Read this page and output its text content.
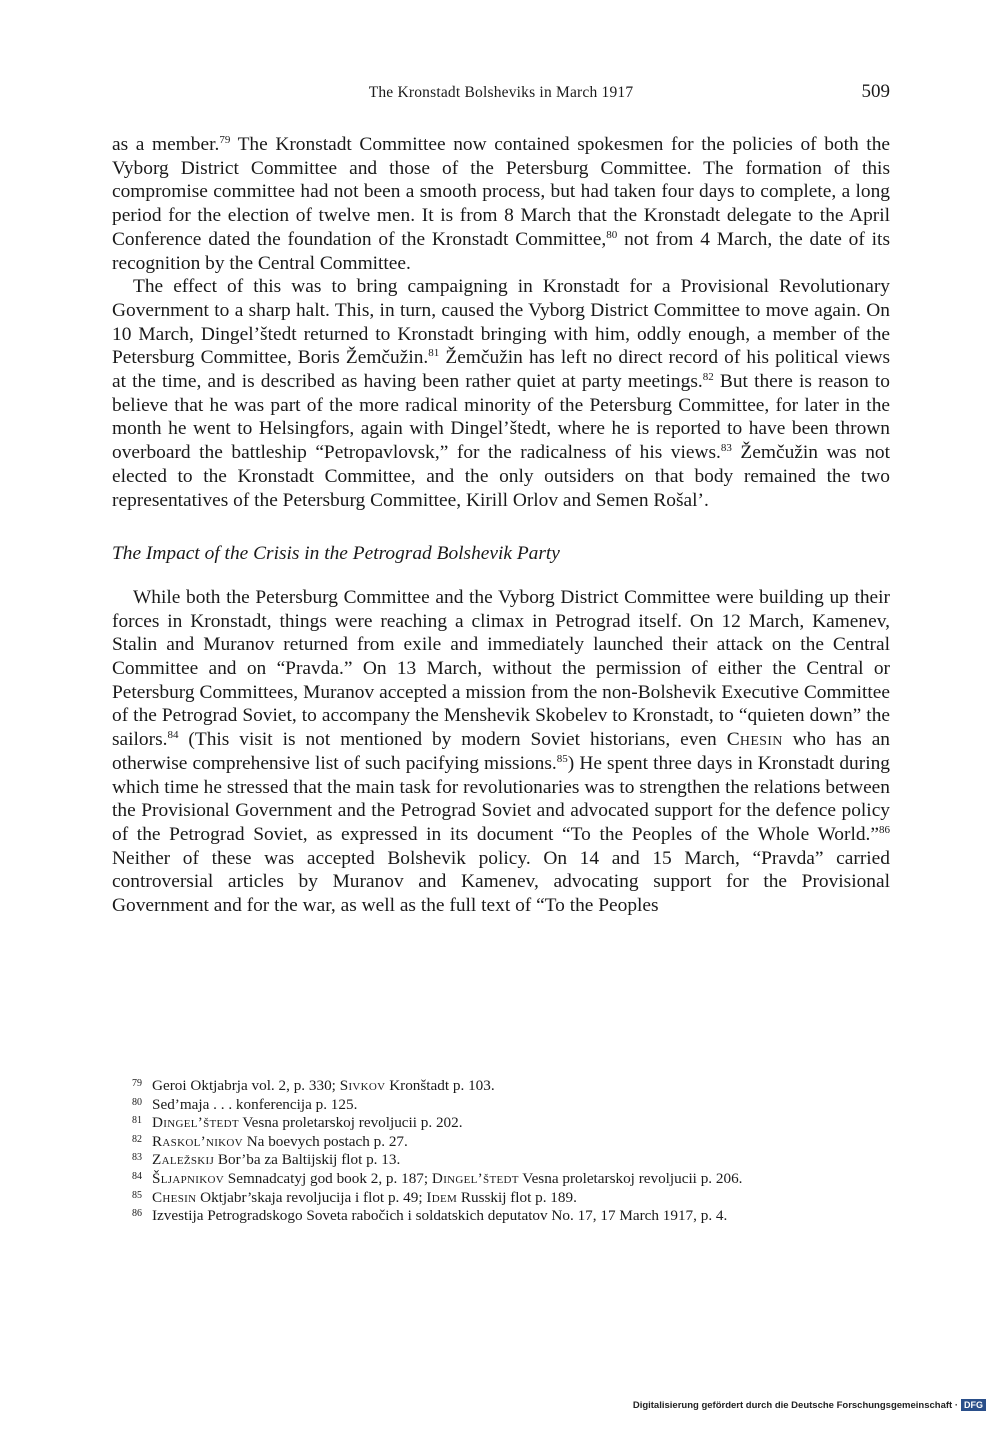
The Kronstadt Bolsheviks in March 1917	509

as a member.$^{79}$ The Kronstadt Committee now contained spokesmen for the policies of both the Vyborg District Committee and those of the Petersburg Committee. The formation of this compromise committee had not been a smooth process, but had taken four days to complete, a long period for the election of twelve men. It is from 8 March that the Kronstadt delegate to the April Conference dated the foundation of the Kronstadt Committee,$^{80}$ not from 4 March, the date of its recognition by the Central Committee.

The effect of this was to bring campaigning in Kronstadt for a Provisional Revolutionary Government to a sharp halt. This, in turn, caused the Vyborg District Committee to move again. On 10 March, Dingel’štedt returned to Kronstadt bringing with him, oddly enough, a member of the Petersburg Committee, Boris Žemčužin.$^{81}$ Žemčužin has left no direct record of his political views at the time, and is described as having been rather quiet at party meetings.$^{82}$ But there is reason to believe that he was part of the more radical minority of the Petersburg Committee, for later in the month he went to Helsingfors, again with Dingel’štedt, where he is reported to have been thrown overboard the battleship “Petropavlovsk,” for the radicalness of his views.$^{83}$ Žemčužin was not elected to the Kronstadt Committee, and the only outsiders on that body remained the two representatives of the Petersburg Committee, Kirill Orlov and Semen Rošal’.

The Impact of the Crisis in the Petrograd Bolshevik Party

While both the Petersburg Committee and the Vyborg District Committee were building up their forces in Kronstadt, things were reaching a climax in Petrograd itself. On 12 March, Kamenev, Stalin and Muranov returned from exile and immediately launched their attack on the Central Committee and on “Pravda.” On 13 March, without the permission of either the Central or Petersburg Committees, Muranov accepted a mission from the non-Bolshevik Executive Committee of the Petrograd Soviet, to accompany the Menshevik Skobelev to Kronstadt, to “quieten down” the sailors.$^{84}$ (This visit is not mentioned by modern Soviet historians, even Chesin who has an otherwise comprehensive list of such pacifying missions.$^{85}$) He spent three days in Kronstadt during which time he stressed that the main task for revolutionaries was to strengthen the relations between the Provisional Government and the Petrograd Soviet and advocated support for the defence policy of the Petrograd Soviet, as expressed in its document “To the Peoples of the Whole World.”$^{86}$ Neither of these was accepted Bolshevik policy. On 14 and 15 March, “Pravda” carried controversial articles by Muranov and Kamenev, advocating support for the Provisional Government and for the war, as well as the full text of “To the Peoples

79 Geroi Oktjabrja vol. 2, p. 330; Sivkov Kronštadt p. 103.
80 Sed’maja . . . konferencija p. 125.
81 Dingel’štedt Vesna proletarskoj revoljucii p. 202.
82 Raskol’nikov Na boevych postach p. 27.
83 Zaležskij Bor’ba za Baltijskij flot p. 13.
84 Šljapnikov Semnadcatyj god book 2, p. 187; Dingel’štedt Vesna proletarskoj revoljucii p. 206.
85 Chesin Oktjabr’skaja revoljucija i flot p. 49; Idem Russkij flot p. 189.
86 Izvestija Petrogradskogo Soveta rabočich i soldatskich deputatov No. 17, 17 March 1917, p. 4.
Digitalisierung gefördert durch die Deutsche Forschungsgemeinschaft · DFG
